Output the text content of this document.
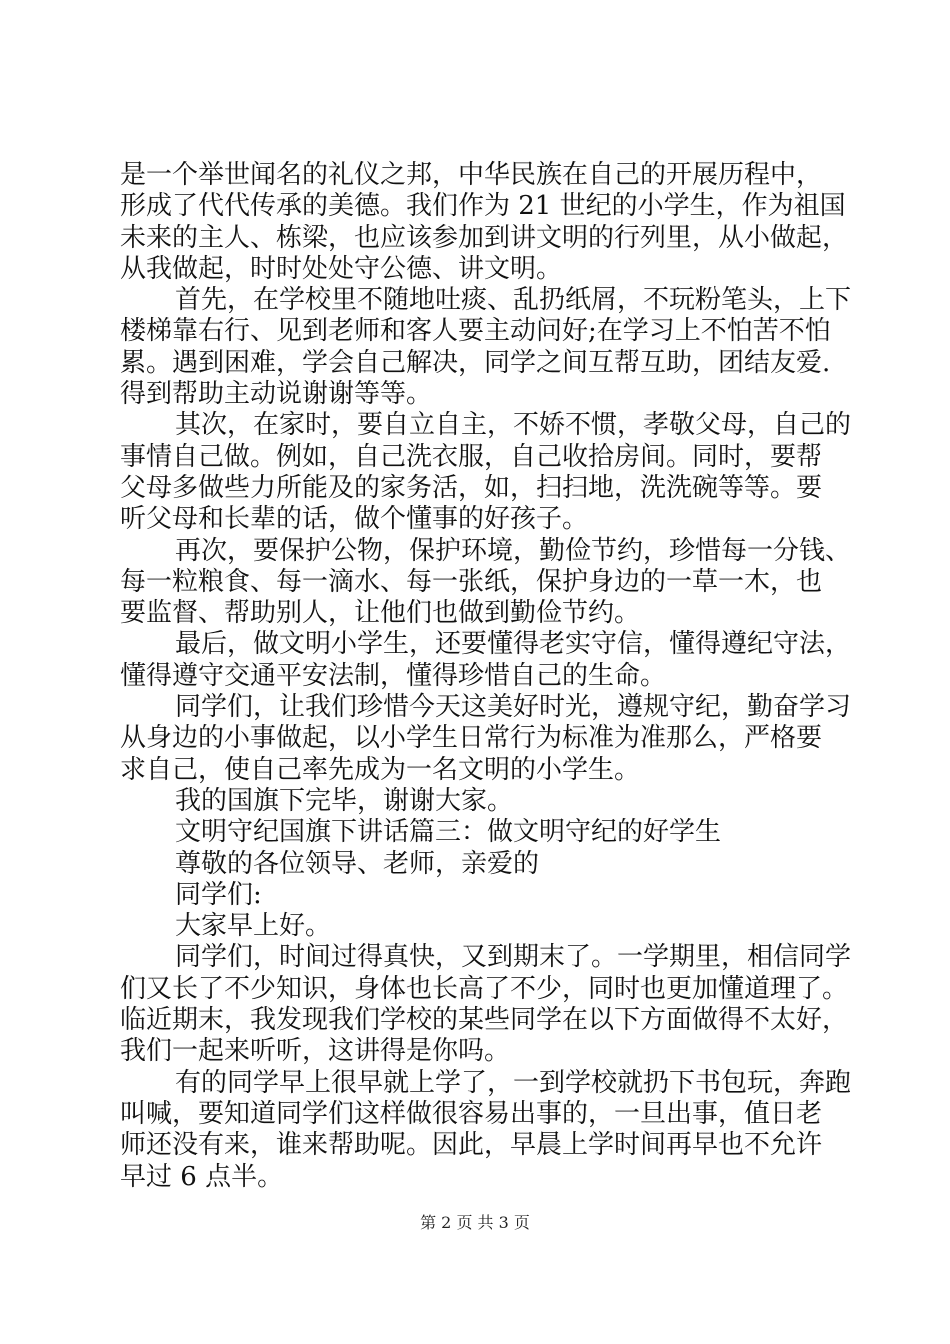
是一个举世闻名的礼仪之邦，中华民族在自己的开展历程中，
形成了代代传承的美德。我们作为 21 世纪的小学生，作为祖国
未来的主人、栋梁，也应该参加到讲文明的行列里，从小做起，
从我做起，时时处处守公德、讲文明。
首先，在学校里不随地吐痰、乱扔纸屑，不玩粉笔头，上下
楼梯靠右行、见到老师和客人要主动问好;在学习上不怕苦不怕
累。遇到困难，学会自己解决，同学之间互帮互助，团结友爱.
得到帮助主动说谢谢等等。
其次，在家时，要自立自主，不娇不惯，孝敬父母，自己的
事情自己做。例如，自己洗衣服，自己收拾房间。同时，要帮
父母多做些力所能及的家务活，如，扫扫地，洗洗碗等等。要
听父母和长辈的话，做个懂事的好孩子。
再次，要保护公物，保护环境，勤俭节约，珍惜每一分钱、
每一粒粮食、每一滴水、每一张纸，保护身边的一草一木，也
要监督、帮助别人，让他们也做到勤俭节约。
最后，做文明小学生，还要懂得老实守信，懂得遵纪守法，
懂得遵守交通平安法制，懂得珍惜自己的生命。
同学们，让我们珍惜今天这美好时光，遵规守纪，勤奋学习
从身边的小事做起，以小学生日常行为标准为准那么，严格要
求自己，使自己率先成为一名文明的小学生。
我的国旗下完毕，谢谢大家。
文明守纪国旗下讲话篇三：做文明守纪的好学生
尊敬的各位领导、老师，亲爱的
同学们:
大家早上好。
同学们，时间过得真快，又到期末了。一学期里，相信同学
们又长了不少知识，身体也长高了不少，同时也更加懂道理了。
临近期末，我发现我们学校的某些同学在以下方面做得不太好，
我们一起来听听，这讲得是你吗。
有的同学早上很早就上学了，一到学校就扔下书包玩，奔跑
叫喊，要知道同学们这样做很容易出事的，一旦出事，值日老
师还没有来，谁来帮助呢。因此，早晨上学时间再早也不允许
早过 6 点半。
第 2 页 共 3 页
